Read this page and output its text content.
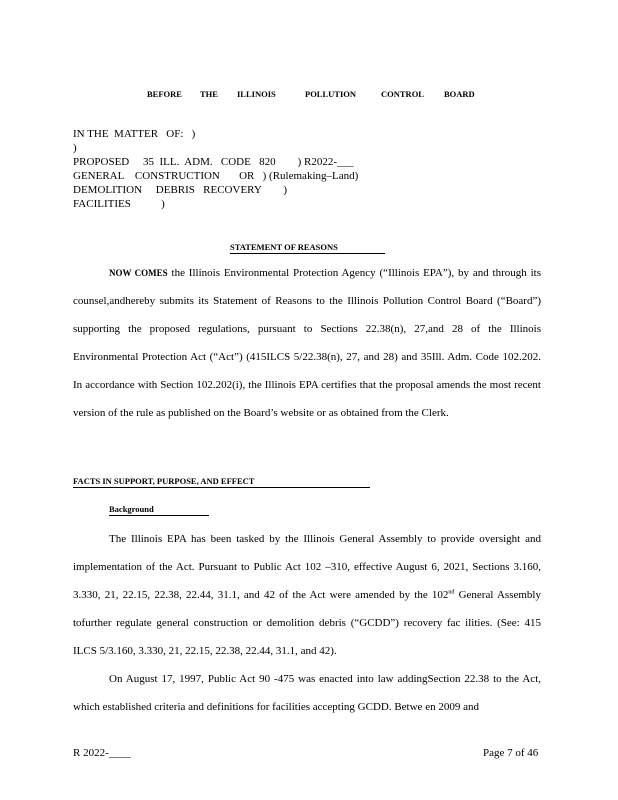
BEFORE THE ILLINOIS	POLLUTION	CONTROL BOARD
IN THE  MATTER   OF:   )
)
PROPOSED     35  ILL.  ADM.   CODE   820        ) R2022-___
GENERAL    CONSTRUCTION       OR   ) (Rulemaking–Land)
DEMOLITION     DEBRIS   RECOVERY        )
FACILITIES           )
STATEMENT OF REASONS
NOW COMES the Illinois Environmental Protection Agency (“Illinois EPA”), by and through its counsel,andhereby submits its Statement of Reasons to the Illinois Pollution Control Board (“Board”) supporting the proposed regulations, pursuant to Sections 22.38(n), 27,and 28 of the Illinois Environmental Protection Act (“Act”) (415ILCS 5/22.38(n), 27, and 28) and 35Ill. Adm. Code 102.202. In accordance with Section 102.202(i), the Illinois EPA certifies that the proposal amends the most recent version of the rule as published on the Board’s website or as obtained from the Clerk.
FACTS IN SUPPORT, PURPOSE, AND EFFECT
Background
The Illinois EPA has been tasked by the Illinois General Assembly to provide oversight and implementation of the Act. Pursuant to Public Act 102 –310, effective August 6, 2021, Sections 3.160, 3.330, 21, 22.15, 22.38, 22.44, 31.1, and 42 of the Act were amended by the 102nd General Assembly tofurther regulate general construction or demolition debris (“GCDD”) recovery fac ilities. (See: 415 ILCS 5/3.160, 3.330, 21, 22.15, 22.38, 22.44, 31.1, and 42).
On August 17, 1997, Public Act 90 -475 was enacted into law addingSection 22.38 to the Act, which established criteria and definitions for facilities accepting GCDD. Betwe en 2009 and
R 2022-____	Page 7 of 46
